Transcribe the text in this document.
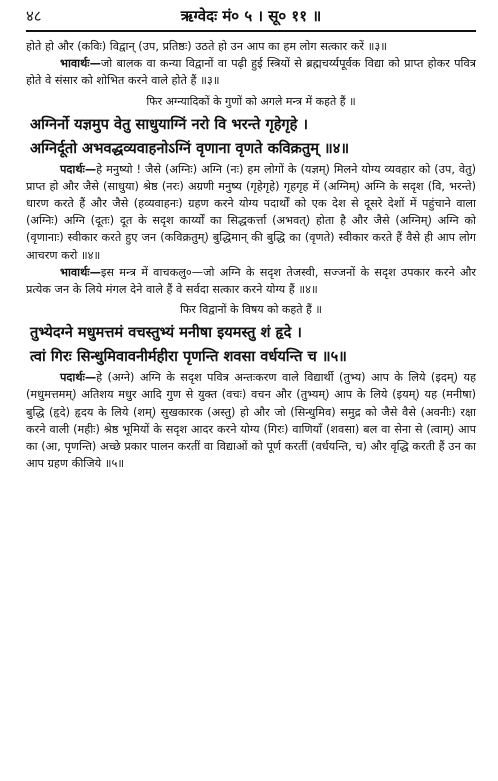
४८	ऋग्वेदः मं० ५ । सू० ११ ॥

होते हो और (कविः) विद्वान् (उप, प्रतिष्ठः) उठते हो उन आप का हम लोग सत्कार करें ॥३॥

भावार्थः—जो बालक वा कन्या विद्वानों वा पढ़ी हुई स्त्रियों से ब्रह्मचर्य्यपूर्वक विद्या को प्राप्त होकर पवित्र होते वे संसार को शोभित करने वाले होते हैं ॥३॥

फिर अग्न्यादिकों के गुणों को अगले मन्त्र में कहते हैं ॥

अग्निर्नो यज्ञमुप वेतु साधुयाग्निं नरो वि भरन्ते गृहेगृहे ।

अग्निर्दूतो अभवद्धव्यवाहनोऽग्निं वृणाना वृणते कविक्रतुम् ॥४॥

पदार्थः—हे मनुष्यो ! जैसे (अग्निः) अग्नि (नः) हम लोगों के (यज्ञम्) मिलने योग्य व्यवहार को (उप, वेतु) प्राप्त हो और जैसे (साधुया) श्रेष्ठ (नरः) अग्रणी मनुष्य (गृहेगृहे) गृहगृह में (अग्निम्) अग्नि के सदृश (वि, भरन्ते) धारण करते हैं और जैसे (हव्यवाहनः) ग्रहण करने योग्य पदार्थों को एक देश से दूसरे देशों में पहुंचाने वाला (अग्निः) अग्नि (दूतः) दूत के सदृश कार्य्यों का सिद्धकर्त्ता (अभवत्) होता है और जैसे (अग्निम्) अग्नि को (वृणानाः) स्वीकार करते हुए जन (कविक्रतुम्) बुद्धिमान् की बुद्धि का (वृणते) स्वीकार करते हैं वैसे ही आप लोग आचरण करो ॥४॥

भावार्थः—इस मन्त्र में वाचकलु०—जो अग्नि के सदृश तेजस्वी, सज्जनों के सदृश उपकार करने और प्रत्येक जन के लिये मंगल देने वाले हैं वे सर्वदा सत्कार करने योग्य हैं ॥४॥

फिर विद्वानों के विषय को कहते हैं ॥

तुभ्येदग्ने मधुमत्तमं वचस्तुभ्यं मनीषा इयमस्तु शं हृदे ।

त्वां गिरः सिन्धुमिवावनीर्महीरा पृणन्ति शवसा वर्धयन्ति च ॥५॥

पदार्थः—हे (अग्ने) अग्नि के सदृश पवित्र अन्तःकरण वाले विद्यार्थी (तुभ्य) आप के लिये (इदम्) यह (मधुमत्तमम्) अतिशय मधुर आदि गुण से युक्त (वचः) वचन और (तुभ्यम्) आप के लिये (इयम्) यह (मनीषा) बुद्धि (हृदे) हृदय के लिये (शम्) सुखकारक (अस्तु) हो और जो (सिन्धुमिव) समुद्र को जैसे वैसे (अवनीः) रक्षा करने वाली (महीः) श्रेष्ठ भूमियों के सदृश आदर करने योग्य (गिरः) वाणियाँ (शवसा) बल वा सेना से (त्वाम्) आप का (आ, पृणन्ति) अच्छे प्रकार पालन करतीं वा विद्याओं को पूर्ण करतीं (वर्धयन्ति, च) और वृद्धि करती हैं उन का आप ग्रहण कीजिये ॥५॥
